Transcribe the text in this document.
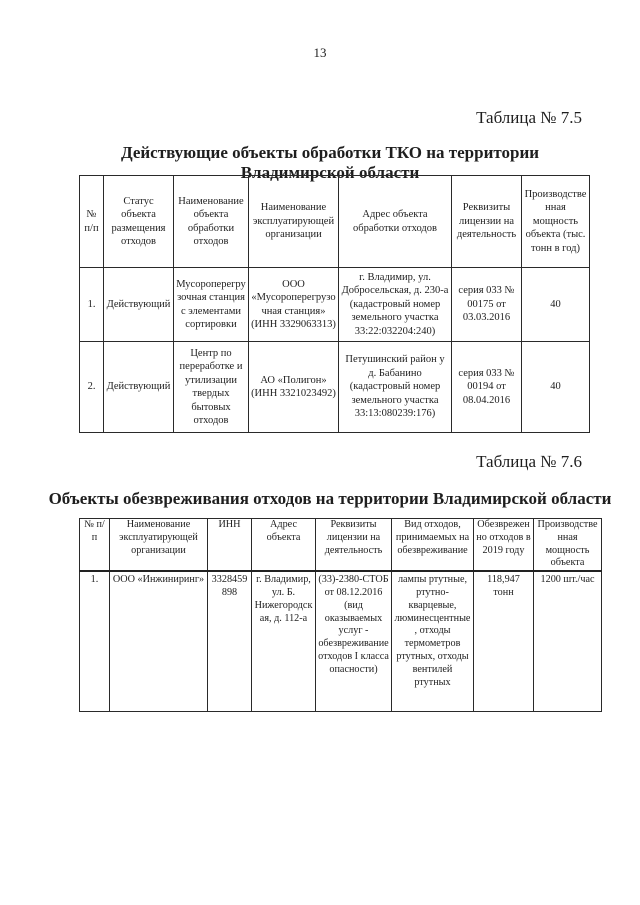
13
Таблица № 7.5
Действующие объекты обработки ТКО на территории Владимирской области
№ п/п	Статус объекта размещения отходов	Наименование объекта обработки отходов	Наименование эксплуатирующей организации	Адрес объекта обработки отходов	Реквизиты лицензии на деятельность	Производственная мощность объекта (тыс. тонн в год)
1.	Действующий	Мусороперегрузочная станция с элементами сортировки	ООО «Мусороперегрузочная станция» (ИНН 3329063313)	г. Владимир, ул. Добросельская, д. 230-а (кадастровый номер земельного участка 33:22:032204:240)	серия 033 № 00175 от 03.03.2016	40
2.	Действующий	Центр по переработке и утилизации твердых бытовых отходов	АО «Полигон» (ИНН 3321023492)	Петушинский район у д. Бабанино (кадастровый номер земельного участка 33:13:080239:176)	серия 033 № 00194 от 08.04.2016	40
Таблица № 7.6
Объекты обезвреживания отходов на территории Владимирской области
№ п/п	Наименование эксплуатирующей организации	ИНН	Адрес объекта	Реквизиты лицензии на деятельность	Вид отходов, принимаемых на обезвреживание	Обезвреженно отходов в 2019 году	Производственная мощность объекта
1.	ООО «Инжиниринг»	3328459898	г. Владимир, ул. Б. Нижегородская, д. 112-а	(33)-2380-СТОБ от 08.12.2016 (вид оказываемых услуг - обезвреживание отходов I класса опасности)	лампы ртутные, ртутно-кварцевые, люминесцентные, отходы термометров ртутных, отходы вентилей ртутных	118,947 тонн	1200 шт./час
